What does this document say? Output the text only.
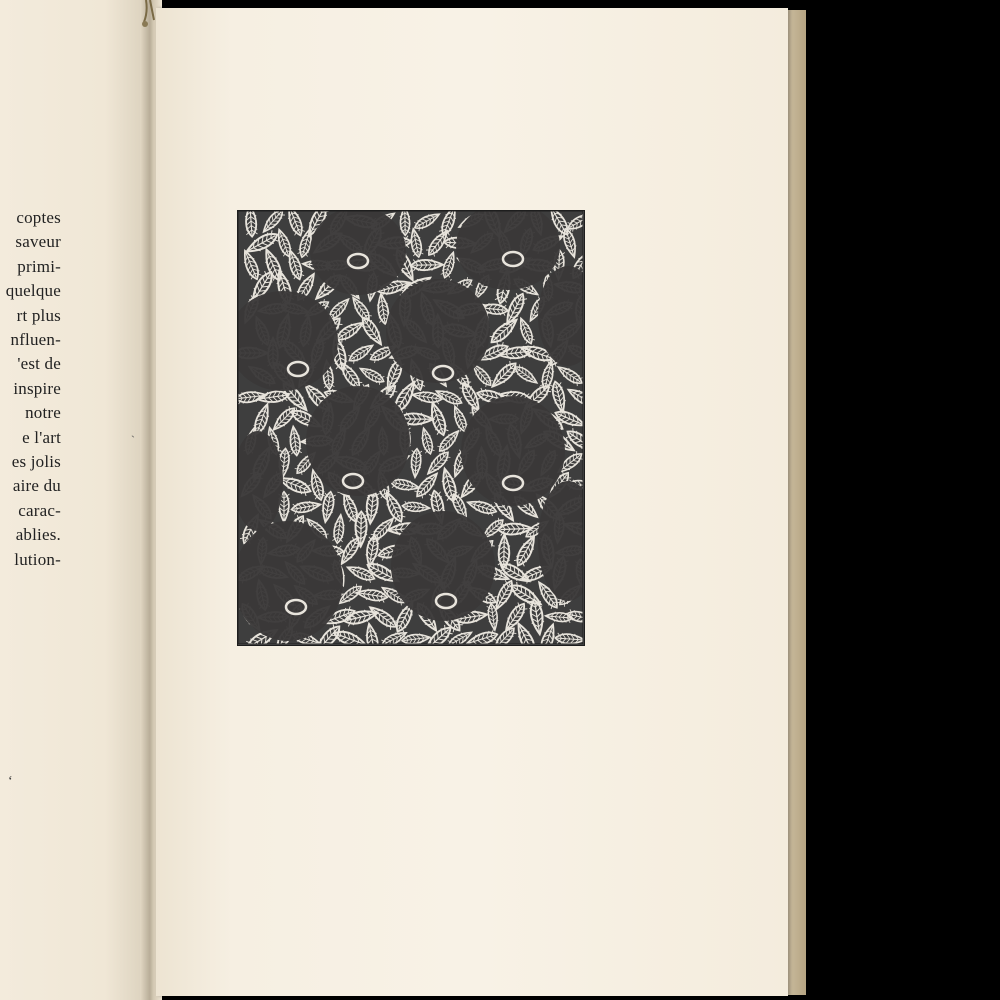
coptes
saveur
primi-
quelque
rt plus
nfluen-
'est de
inspire
notre
e l'art
es jolis
aire du
carac-
ablies.
lution-
ʻ
ˋ
